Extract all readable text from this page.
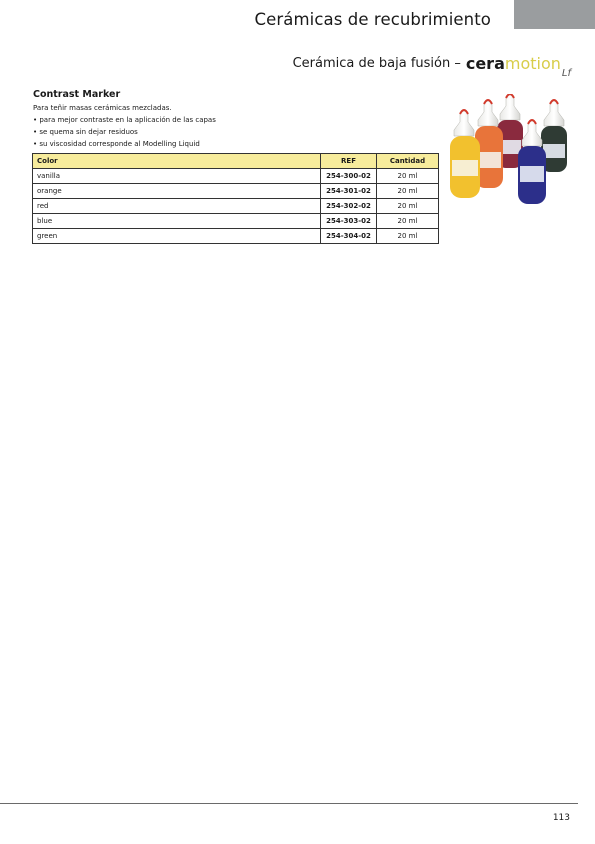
Cerámicas de recubrimiento
Cerámica de baja fusión – cera motion
Lf
Contrast Marker
Para teñir masas cerámicas mezcladas.
• para mejor contraste en la aplicación de las capas
• se quema sin dejar residuos
• su viscosidad corresponde al Modelling Liquid
Color	REF	Cantidad
vanilla	254-300-02	20 ml
orange	254-301-02	20 ml
red	254-302-02	20 ml
blue	254-303-02	20 ml
green	254-304-02	20 ml
113
